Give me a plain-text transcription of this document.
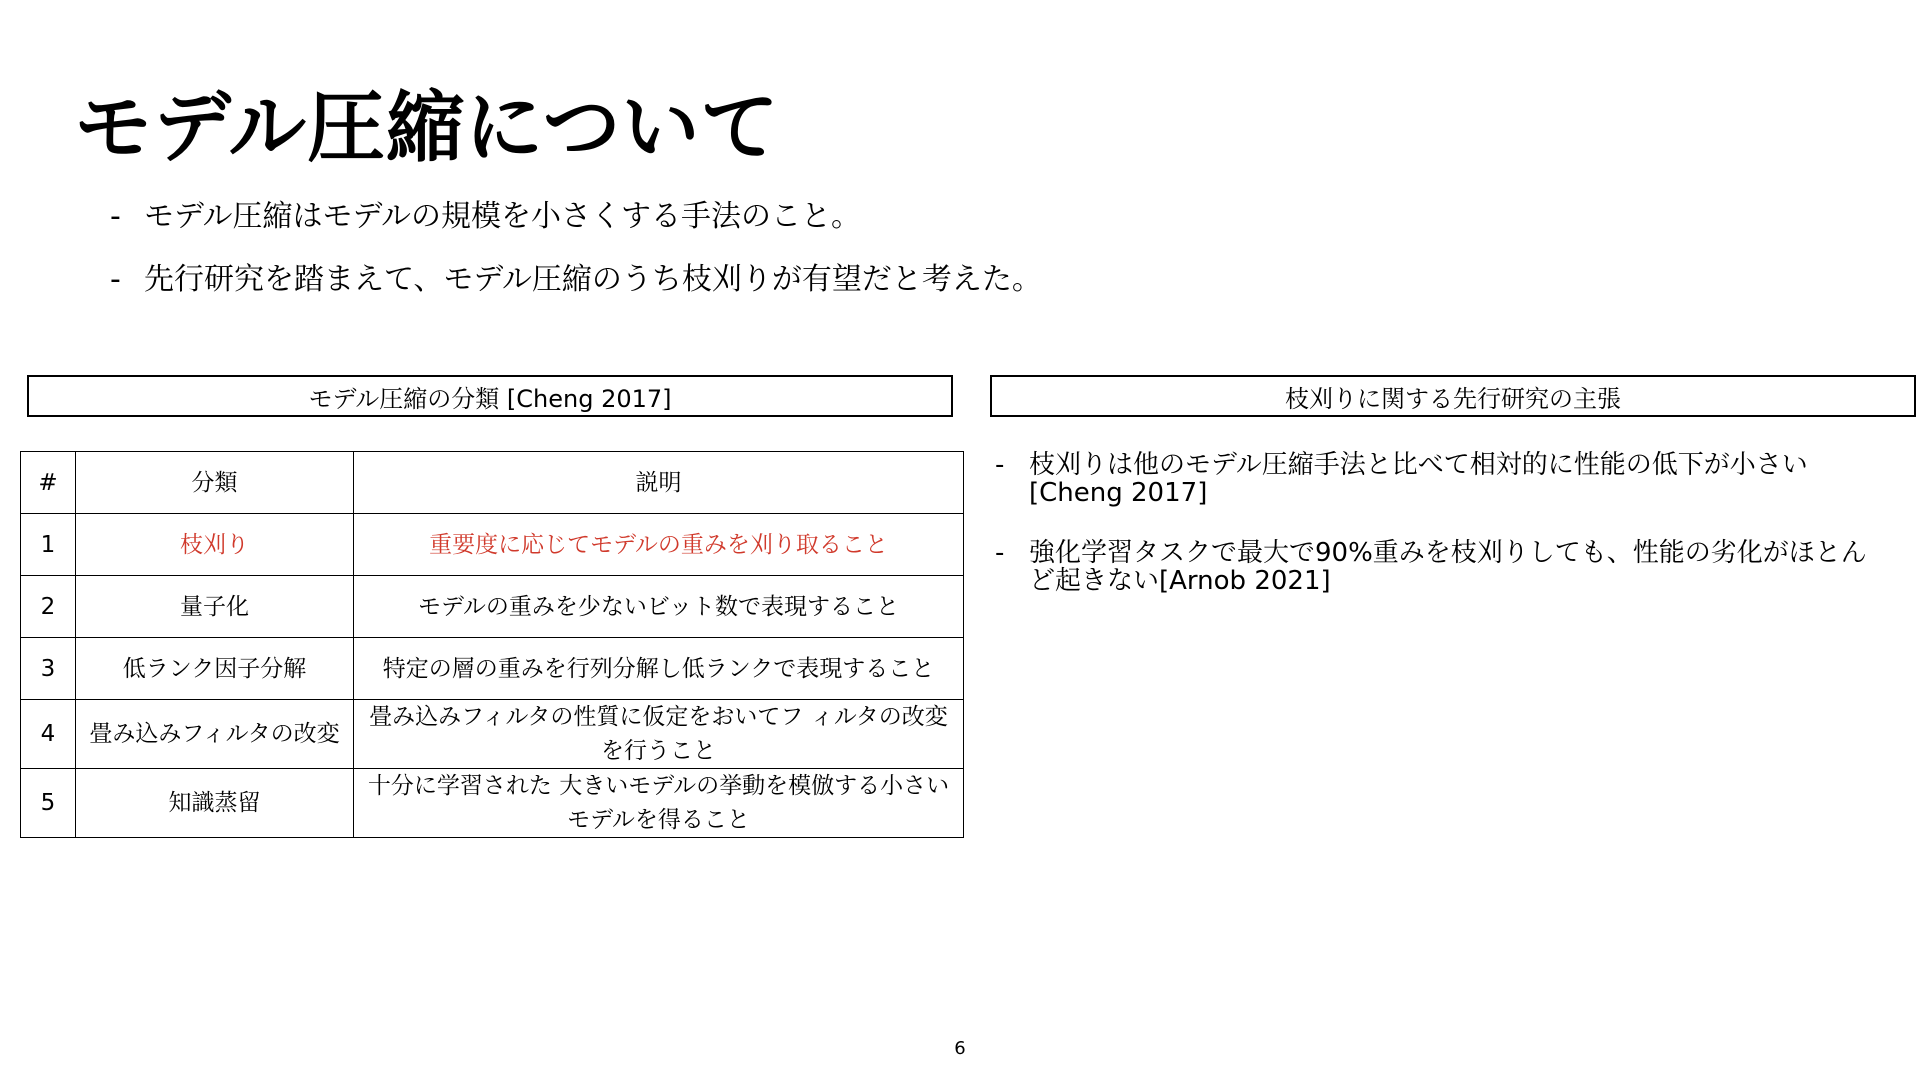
モデル圧縮について
- モデル圧縮はモデルの規模を小さくする手法のこと。
- 先行研究を踏まえて、モデル圧縮のうち枝刈りが有望だと考えた。
モデル圧縮の分類 [Cheng 2017]	枝刈りに関する先行研究の主張
#	分類	説明
1	枝刈り	重要度に応じてモデルの重みを刈り取ること
2	量子化	モデルの重みを少ないビット数で表現すること
3	低ランク因子分解	特定の層の重みを行列分解し低ランクで表現すること
4	畳み込みフィルタの改変	畳み込みフィルタの性質に仮定をおいてフ ィルタの改変を行うこと
5	知識蒸留	十分に学習された 大きいモデルの挙動を模倣する小さいモデルを得ること
- 枝刈りは他のモデル圧縮手法と比べて相対的に性能の低下が小さい[Cheng 2017]
- 強化学習タスクで最大で90%重みを枝刈りしても、性能の劣化がほとんど起きない[Arnob 2021]
6
